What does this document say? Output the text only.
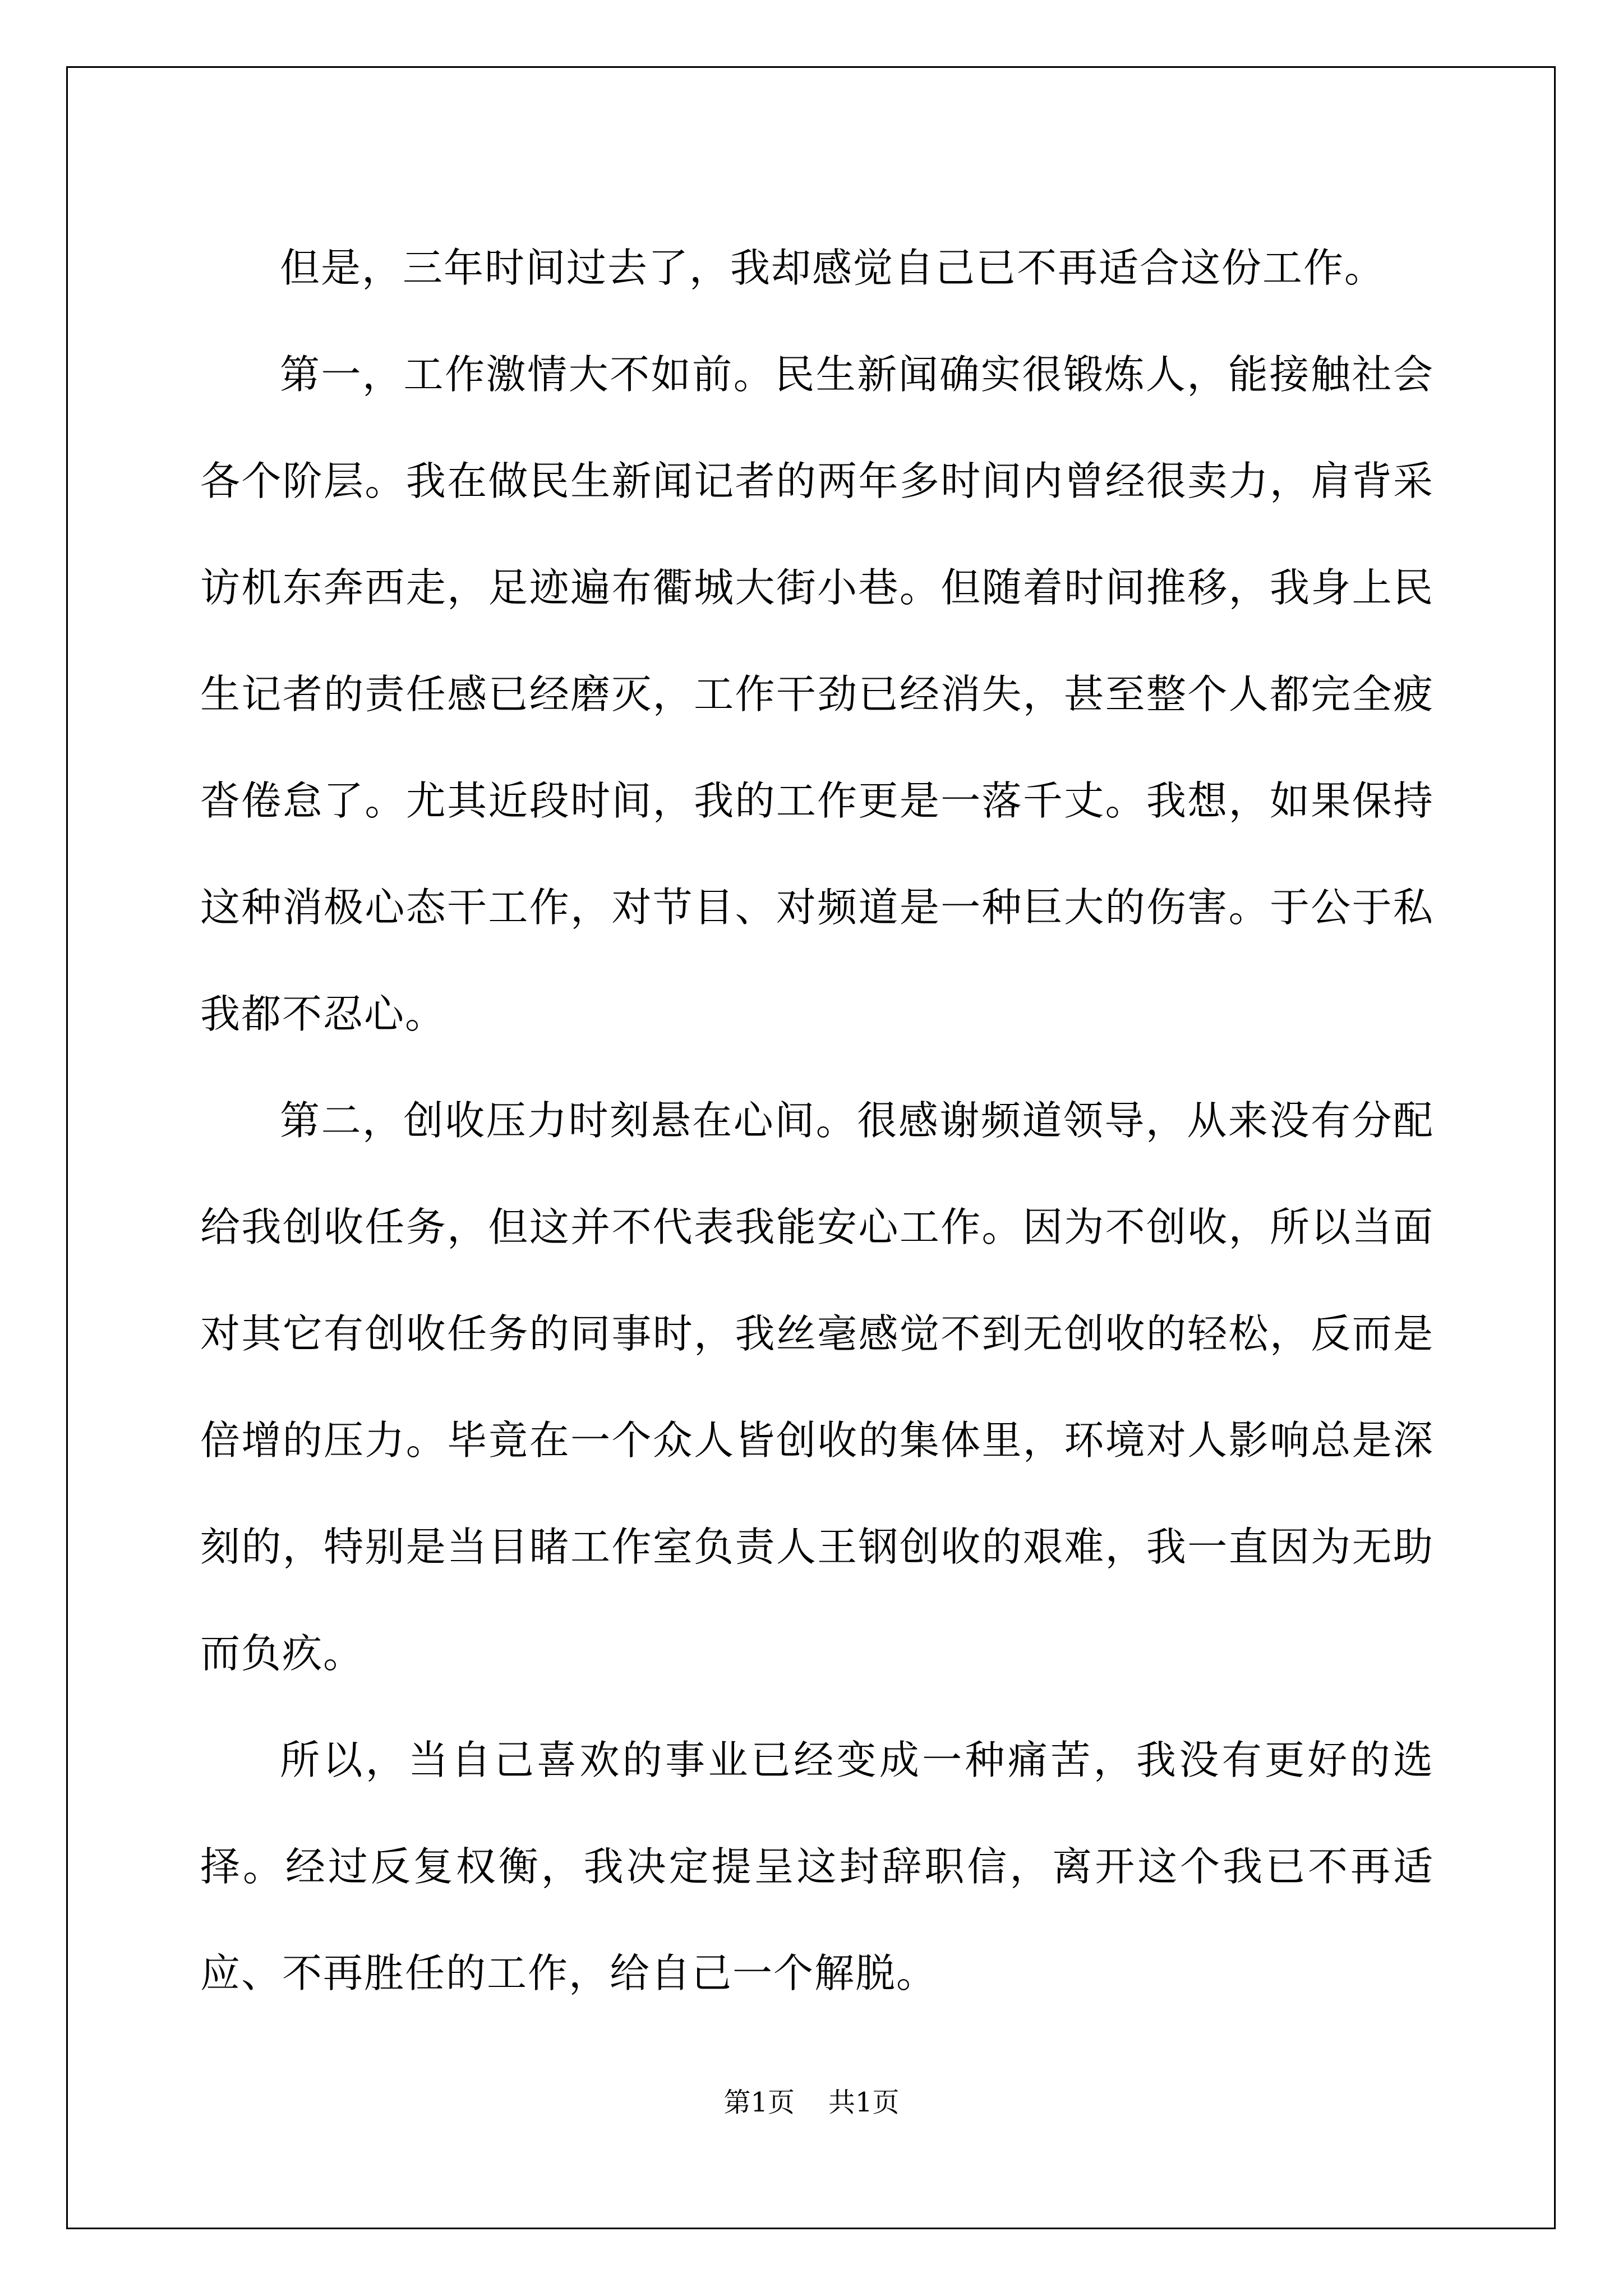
但是，三年时间过去了，我却感觉自己已不再适合这份工作。

第一，工作激情大不如前。民生新闻确实很锻炼人，能接触社会各个阶层。我在做民生新闻记者的两年多时间内曾经很卖力，肩背采访机东奔西走，足迹遍布衢城大街小巷。但随着时间推移，我身上民生记者的责任感已经磨灭，工作干劲已经消失，甚至整个人都完全疲沓倦怠了。尤其近段时间，我的工作更是一落千丈。我想，如果保持这种消极心态干工作，对节目、对频道是一种巨大的伤害。于公于私我都不忍心。

第二，创收压力时刻悬在心间。很感谢频道领导，从来没有分配给我创收任务，但这并不代表我能安心工作。因为不创收，所以当面对其它有创收任务的同事时，我丝毫感觉不到无创收的轻松，反而是倍增的压力。毕竟在一个众人皆创收的集体里，环境对人影响总是深刻的，特别是当目睹工作室负责人王钢创收的艰难，我一直因为无助而负疚。

所以，当自己喜欢的事业已经变成一种痛苦，我没有更好的选择。经过反复权衡，我决定提呈这封辞职信，离开这个我已不再适应、不再胜任的工作，给自己一个解脱。

第1页 共1页
